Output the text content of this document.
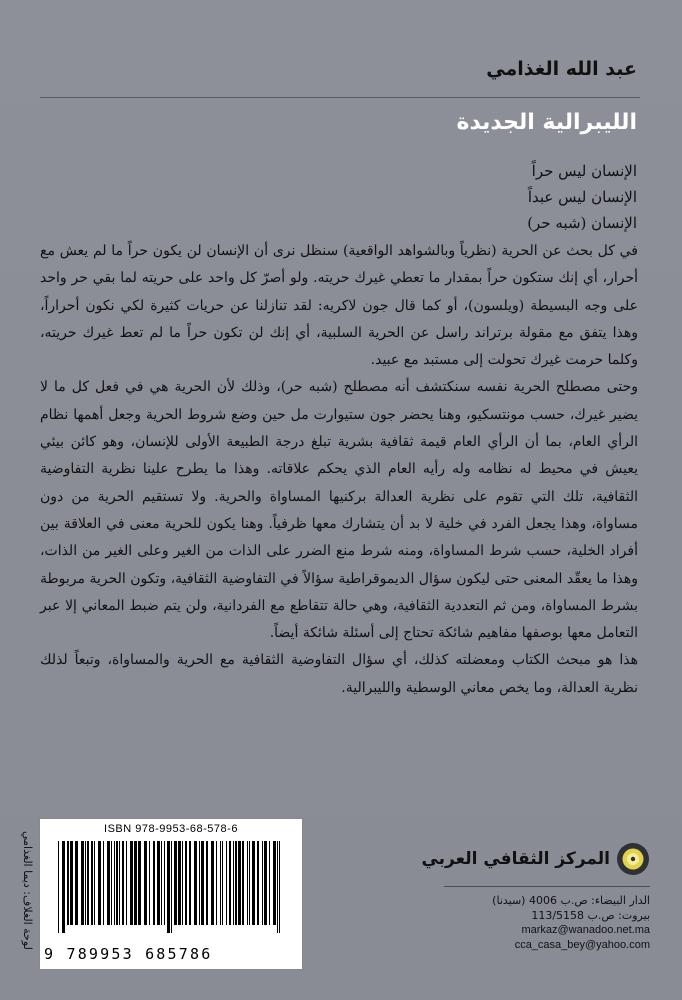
عبد الله الغذامي
الليبرالية الجديدة
الإنسان ليس حراً
الإنسان ليس عبداً
الإنسان (شبه حر)

في كل بحث عن الحرية (نظرياً وبالشواهد الواقعية) سنظل نرى أن الإنسان لن يكون حراً ما لم يعش مع أحرار، أي إنك ستكون حراً بمقدار ما تعطي غيرك حريته. ولو أصرّ كل واحد على حريته لما بقي حر واحد على وجه البسيطة (ويلسون)، أو كما قال جون لاكريه: لقد تنازلنا عن حريات كثيرة لكي نكون أحراراً، وهذا يتفق مع مقولة برتراند راسل عن الحرية السلبية، أي إنك لن تكون حراً ما لم تعط غيرك حريته، وكلما حرمت غيرك تحولت إلى مستبد مع عبيد.

وحتى مصطلح الحرية نفسه سنكتشف أنه مصطلح (شبه حر)، وذلك لأن الحرية هي في فعل كل ما لا يضير غيرك، حسب مونتسكيو، وهنا يحضر جون ستيوارت مل حين وضع شروط الحرية وجعل أهمها نظام الرأي العام، بما أن الرأي العام قيمة ثقافية بشرية تبلغ درجة الطبيعة الأولى للإنسان، وهو كائن بيئي يعيش في محيط له نظامه وله رأيه العام الذي يحكم علاقاته. وهذا ما يطرح علينا نظرية التفاوضية الثقافية، تلك التي تقوم على نظرية العدالة بركنيها المساواة والحرية. ولا تستقيم الحرية من دون مساواة، وهذا يجعل الفرد في خلية لا بد أن يتشارك معها ظرفياً. وهنا يكون للحرية معنى في العلاقة بين أفراد الخلية، حسب شرط المساواة، ومنه شرط منع الضرر على الذات من الغير وعلى الغير من الذات، وهذا ما يعقّد المعنى حتى ليكون سؤال الديموقراطية سؤالاً في التفاوضية الثقافية، وتكون الحرية مربوطة بشرط المساواة، ومن ثم التعددية الثقافية، وهي حالة تتقاطع مع الفردانية، ولن يتم ضبط المعاني إلا عبر التعامل معها بوصفها مفاهيم شائكة تحتاج إلى أسئلة شائكة أيضاً.

هذا هو مبحث الكتاب ومعضلته كذلك، أي سؤال التفاوضية الثقافية مع الحرية والمساواة، وتبعاً لذلك نظرية العدالة، وما يخص معاني الوسطية والليبرالية.

لوحة الغلاف: ديما الغذامي
ISBN 978-9953-68-578-6
9 789953 685786
المركز الثقافي العربي
الدار البيضاء: ص.ب 4006 (سيدنا)
بيروت: ص.ب 113/5158
markaz@wanadoo.net.ma
cca_casa_bey@yahoo.com
